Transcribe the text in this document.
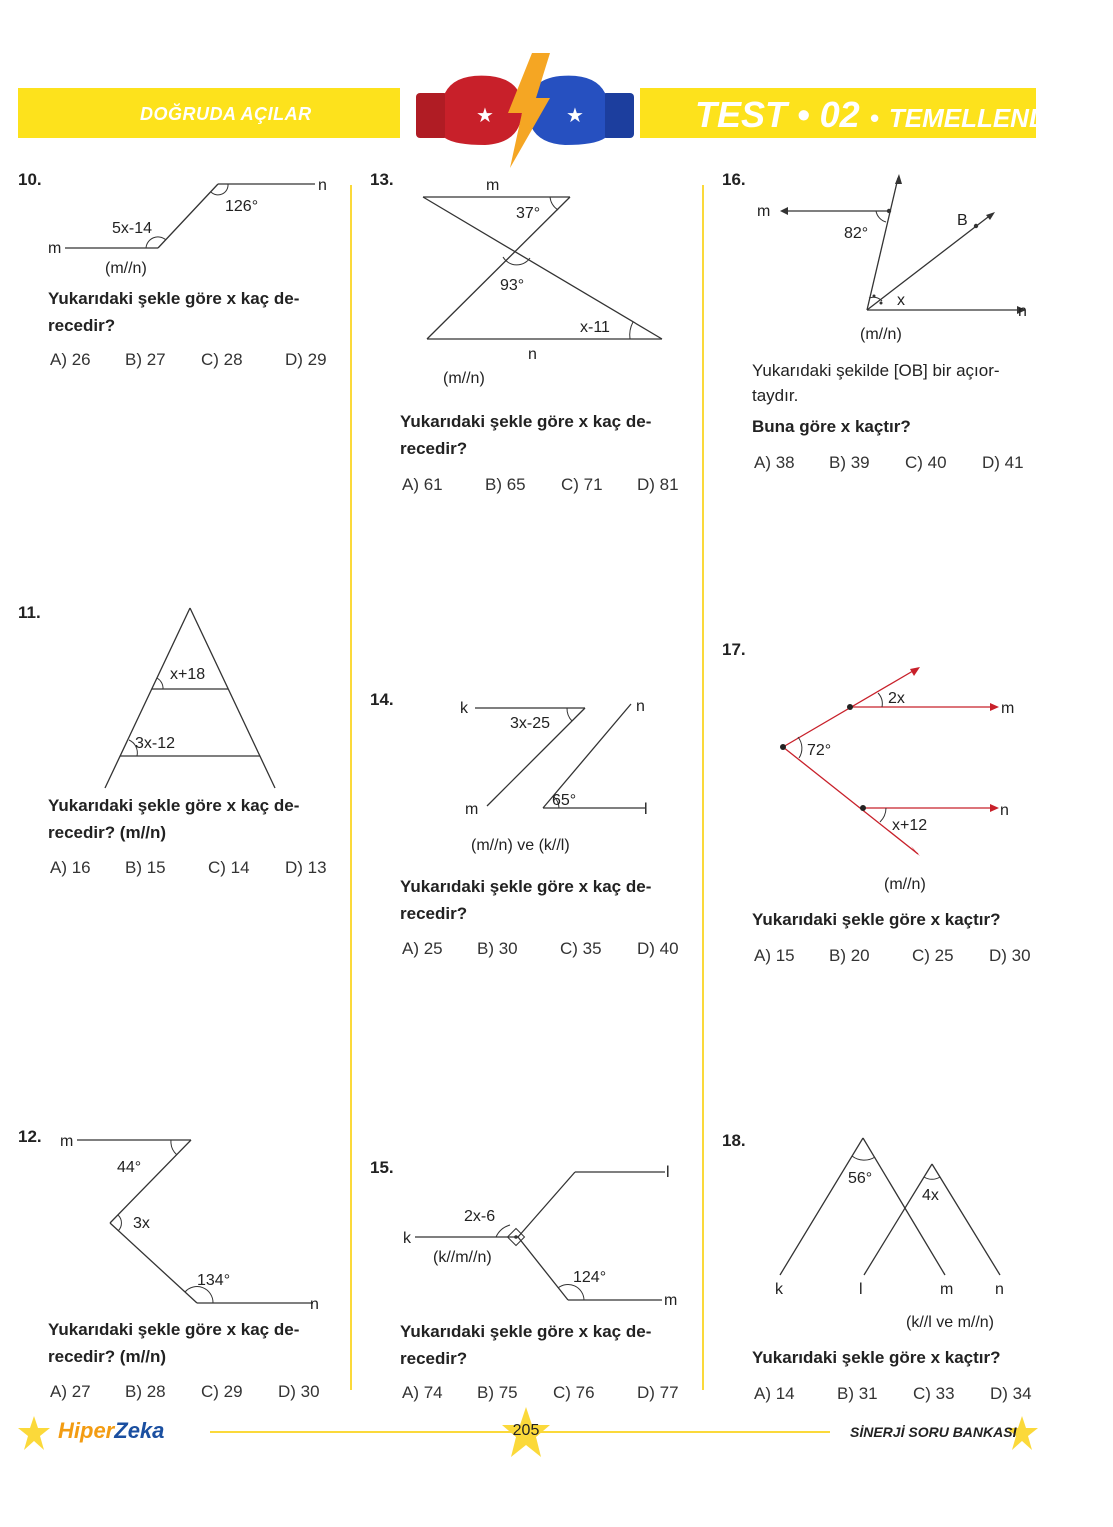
DOĞRUDA AÇILAR	TEST • 02 • TEMELLENDİRME
★	★
10.	n
m
126°
5x-14
(m//n)
Yukarıdaki şekle göre x kaç de-
recedir?
A) 26	B) 27	C) 28	D) 29
11.
x+18
3x-12
Yukarıdaki şekle göre x kaç de-
recedir? (m//n)
A) 16	B) 15	C) 14	D) 13
12. m
44°
3x
134°
n
Yukarıdaki şekle göre x kaç de-
recedir? (m//n)
A) 27	B) 28	C) 29	D) 30
13.	m
37°
93°
x-11
n
(m//n)
Yukarıdaki şekle göre x kaç de-
recedir?
A) 61	B) 65	C) 71	D) 81
14.	k
3x-25
n
m
65°
l
(m//n) ve (k//l)
Yukarıdaki şekle göre x kaç de-
recedir?
A) 25	B) 30	C) 35	D) 40
15.	l
k
2x-6
(k//m//n)
124°
m
Yukarıdaki şekle göre x kaç de-
recedir?
A) 74	B) 75	C) 76	D) 77
16.
m
82°
B
x
n
(m//n)
Yukarıdaki şekilde [OB] bir açıor-
taydır.
Buna göre x kaçtır?
A) 38	B) 39	C) 40	D) 41
17.
2x
m
72°
n
x+12
(m//n)
Yukarıdaki şekle göre x kaçtır?
A) 15	B) 20	C) 25	D) 30
18.
56°
4x
k	l	m	n
(k//l ve m//n)
Yukarıdaki şekle göre x kaçtır?
A) 14	B) 31	C) 33	D) 34
205
HiperZeka	SİNERJİ SORU BANKASI
